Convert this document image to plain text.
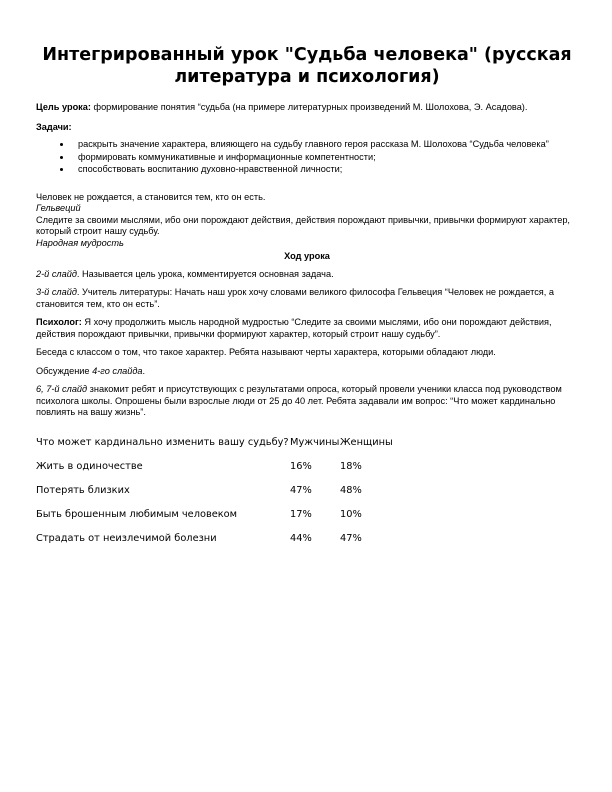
Интегрированный урок "Судьба человека" (русская литература и психология)

Цель урока: формирование понятия “судьба (на примере литературных произведений М. Шолохова, Э. Асадова).

Задачи:

• раскрыть значение характера, влияющего на судьбу главного героя рассказа М. Шолохова “Судьба человека”
• формировать коммуникативные и информационные компетентности;
• способствовать воспитанию духовно-нравственной личности;

Человек не рождается, а становится тем, кто он есть.

Гельвеций

Следите за своими мыслями, ибо они порождают действия, действия порождают привычки, привычки формируют характер, который строит нашу судьбу.

Народная мудрость

Ход урока

2-й слайд. Называется цель урока, комментируется основная задача.

3-й слайд. Учитель литературы: Начать наш урок хочу словами великого философа Гельвеция “Человек не рождается, а становится тем, кто он есть”.

Психолог: Я хочу продолжить мысль народной мудростью “Следите за своими мыслями, ибо они порождают действия, действия порождают привычки, привычки формируют характер, который строит нашу судьбу”.

Беседа с классом о том, что такое характер. Ребята называют черты характера, которыми обладают люди.

Обсуждение 4-го слайда.

6, 7-й слайд знакомит ребят и присутствующих с результатами опроса, который провели ученики класса под руководством психолога школы. Опрошены были взрослые люди от 25 до 40 лет. Ребята задавали им вопрос: “Что может кардинально повлиять на вашу жизнь”.

Что может кардинально изменить вашу судьбу?	Мужчины	Женщины
Жить в одиночестве	16%	18%
Потерять близких	47%	48%
Быть брошенным любимым человеком	17%	10%
Страдать от неизлечимой болезни	44%	47%
